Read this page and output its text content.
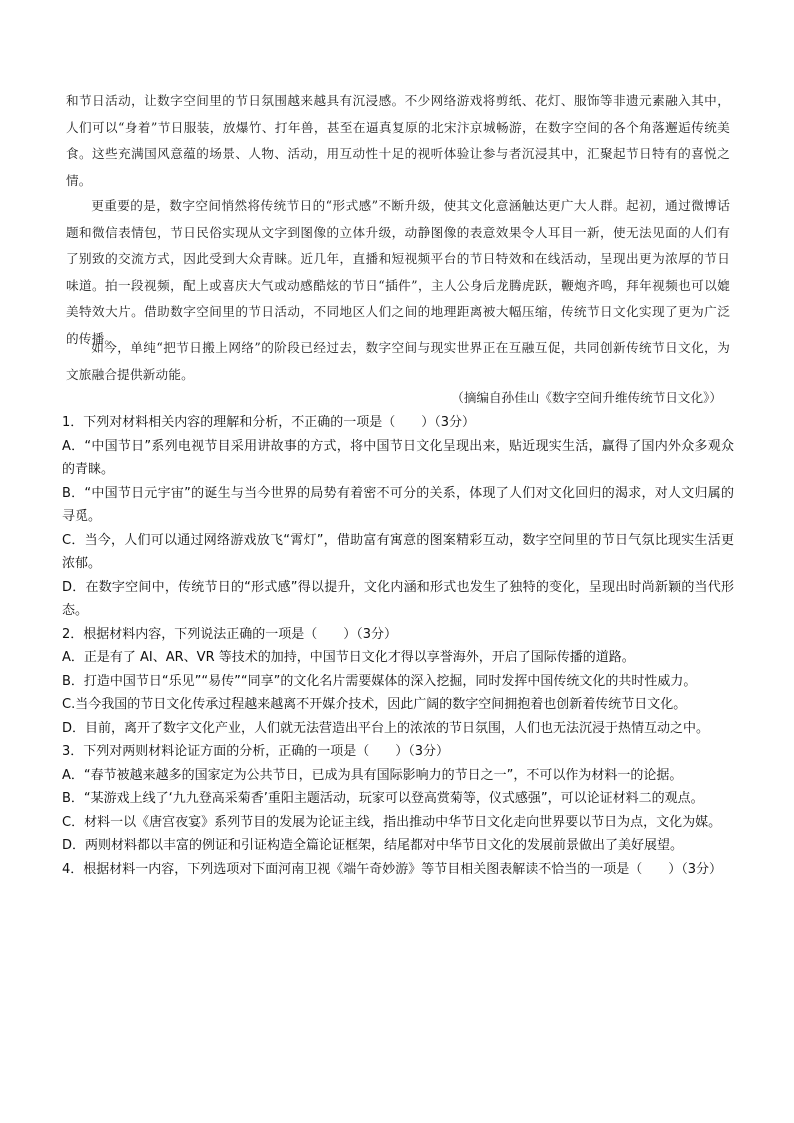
和节日活动，让数字空间里的节日氛围越来越具有沉浸感。不少网络游戏将剪纸、花灯、服饰等非遗元素融入其中，人们可以“身着”节日服装，放爆竹、打年兽，甚至在逼真复原的北宋汴京城畅游，在数字空间的各个角落邂逅传统美食。这些充满国风意蕴的场景、人物、活动，用互动性十足的视听体验让参与者沉浸其中，汇聚起节日特有的喜悦之情。

更重要的是，数字空间悄然将传统节日的“形式感”不断升级，使其文化意涵触达更广大人群。起初，通过微博话题和微信表情包，节日民俗实现从文字到图像的立体升级，动静图像的表意效果令人耳目一新，使无法见面的人们有了别致的交流方式，因此受到大众青睐。近几年，直播和短视频平台的节日特效和在线活动，呈现出更为浓厚的节日味道。拍一段视频，配上或喜庆大气或动感酷炫的节日“插件”，主人公身后龙腾虎跃，鞭炮齐鸣，拜年视频也可以媲美特效大片。借助数字空间里的节日活动，不同地区人们之间的地理距离被大幅压缩，传统节日文化实现了更为广泛的传播。

如今，单纯“把节日搬上网络”的阶段已经过去，数字空间与现实世界正在互融互促，共同创新传统节日文化，为文旅融合提供新动能。

（摘编自孙佳山《数字空间升维传统节日文化》）

1．下列对材料相关内容的理解和分析，不正确的一项是（　　）（3分）

A．“中国节日”系列电视节目采用讲故事的方式，将中国节日文化呈现出来，贴近现实生活，赢得了国内外众多观众的青睐。

B．“中国节日元宇宙”的诞生与当今世界的局势有着密不可分的关系，体现了人们对文化回归的渴求，对人文归属的寻觅。

C．当今，人们可以通过网络游戏放飞“霄灯”，借助富有寓意的图案精彩互动，数字空间里的节日气氛比现实生活更浓郁。

D．在数字空间中，传统节日的“形式感”得以提升，文化内涵和形式也发生了独特的变化，呈现出时尚新颖的当代形态。

2．根据材料内容，下列说法正确的一项是（　　）（3分）

A．正是有了 AI、AR、VR 等技术的加持，中国节日文化才得以享誉海外，开启了国际传播的道路。

B．打造中国节日“乐见”“易传”“同享”的文化名片需要媒体的深入挖掘，同时发挥中国传统文化的共时性威力。

C.当今我国的节日文化传承过程越来越离不开媒介技术，因此广阔的数字空间拥抱着也创新着传统节日文化。

D．目前，离开了数字文化产业，人们就无法营造出平台上的浓浓的节日氛围，人们也无法沉浸于热情互动之中。

3．下列对两则材料论证方面的分析，正确的一项是（　　）（3分）

A．“春节被越来越多的国家定为公共节日，已成为具有国际影响力的节日之一”，不可以作为材料一的论据。

B．“某游戏上线了‘九九登高采菊香’重阳主题活动，玩家可以登高赏菊等，仪式感强”，可以论证材料二的观点。

C．材料一以《唐宫夜宴》系列节目的发展为论证主线，指出推动中华节日文化走向世界要以节日为点，文化为媒。

D．两则材料都以丰富的例证和引证构造全篇论证框架，结尾都对中华节日文化的发展前景做出了美好展望。

4．根据材料一内容，下列选项对下面河南卫视《端午奇妙游》等节目相关图表解读不恰当的一项是（　　）（3分）
